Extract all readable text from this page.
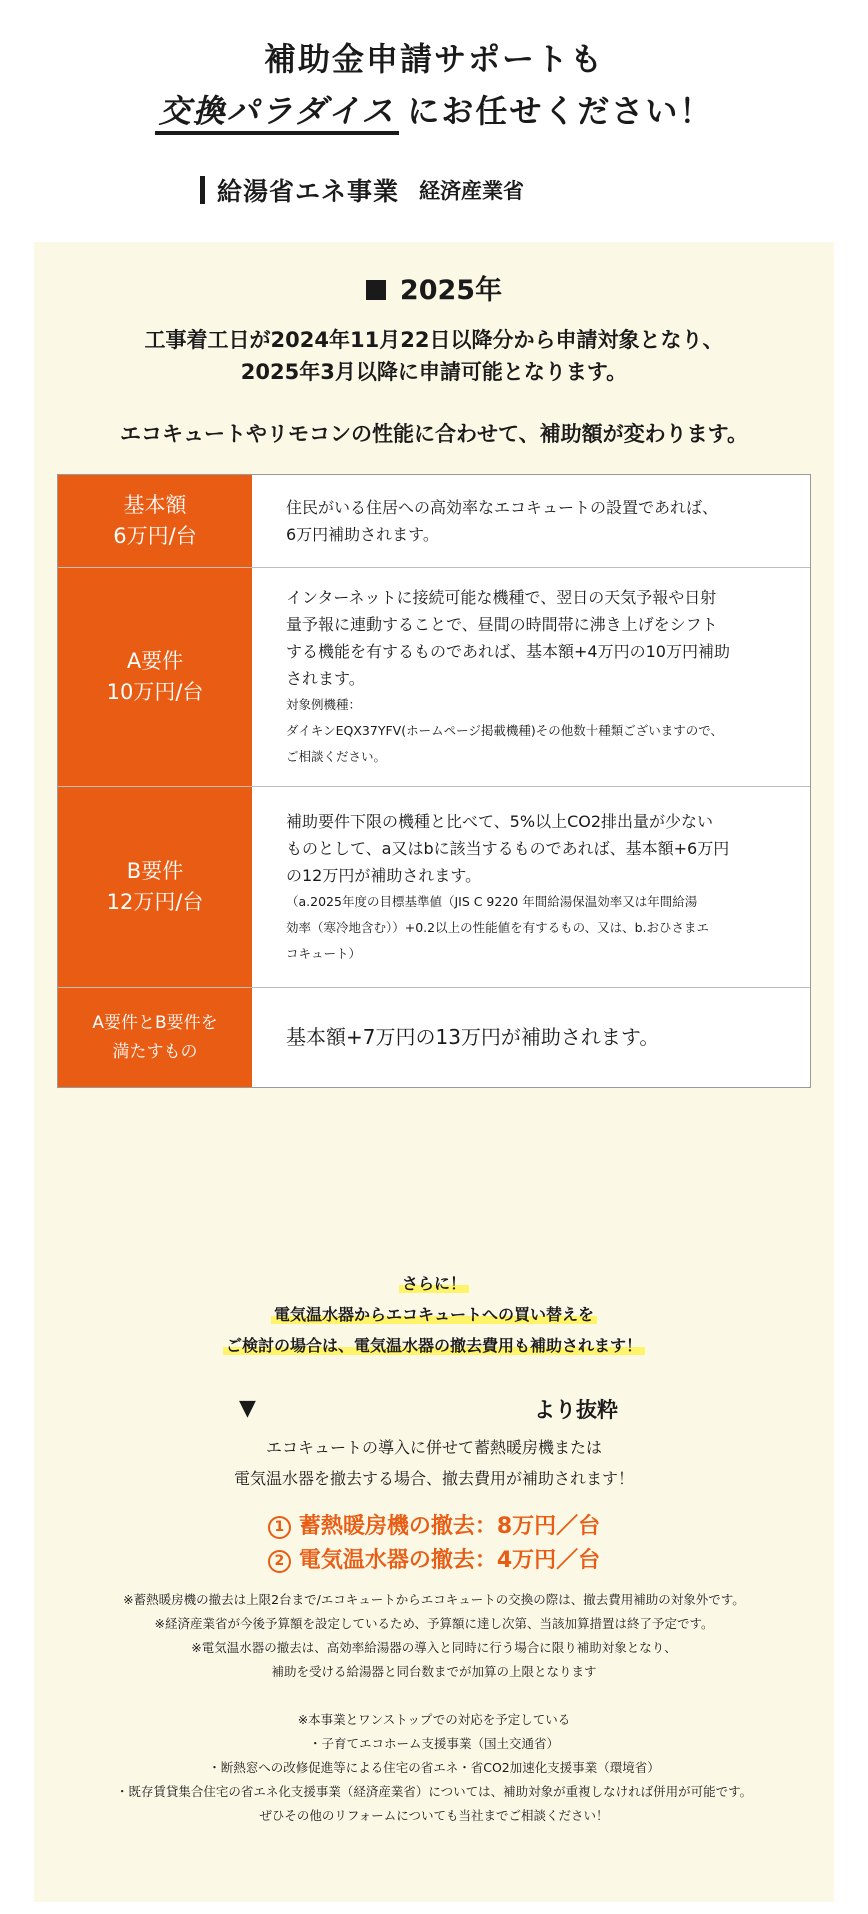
補助金申請サポートも
交換パラダイス にお任せください！
給湯省エネ事業 経済産業省
2025年
工事着工日が2024年11月22日以降分から申請対象となり、
2025年3月以降に申請可能となります。
エコキュートやリモコンの性能に合わせて、補助額が変わります。
基本額
6万円/台
住民がいる住居への高効率なエコキュートの設置であれば、
6万円補助されます。
A要件
10万円/台
インターネットに接続可能な機種で、翌日の天気予報や日射
量予報に連動することで、昼間の時間帯に沸き上げをシフト
する機能を有するものであれば、基本額+4万円の10万円補助
されます。
対象例機種：
ダイキンEQX37YFV(ホームページ掲載機種)その他数十種類ございますので、
ご相談ください。
B要件
12万円/台
補助要件下限の機種と比べて、5%以上CO2排出量が少ない
ものとして、a又はbに該当するものであれば、基本額+6万円
の12万円が補助されます。
（a.2025年度の目標基準値（JIS C 9220 年間給湯保温効率又は年間給湯
効率（寒冷地含む））+0.2以上の性能値を有するもの、又は、b.おひさまエ
コキュート）
A要件とB要件を
満たすもの
基本額+7万円の13万円が補助されます。
さらに！
電気温水器からエコキュートへの買い替えを
ご検討の場合は、電気温水器の撤去費用も補助されます！
▼	より抜粋
エコキュートの導入に併せて蓄熱暖房機または
電気温水器を撤去する場合、撤去費用が補助されます！
1 蓄熱暖房機の撤去：8万円／台
2 電気温水器の撤去：4万円／台
※蓄熱暖房機の撤去は上限2台まで/エコキュートからエコキュートの交換の際は、撤去費用補助の対象外です。
※経済産業省が今後予算額を設定しているため、予算額に達し次第、当該加算措置は終了予定です。
※電気温水器の撤去は、高効率給湯器の導入と同時に行う場合に限り補助対象となり、
補助を受ける給湯器と同台数までが加算の上限となります
※本事業とワンストップでの対応を予定している
・子育てエコホーム支援事業（国土交通省）
・断熱窓への改修促進等による住宅の省エネ・省CO2加速化支援事業（環境省）
・既存賃貸集合住宅の省エネ化支援事業（経済産業省）については、補助対象が重複しなければ併用が可能です。
ぜひその他のリフォームについても当社までご相談ください！
